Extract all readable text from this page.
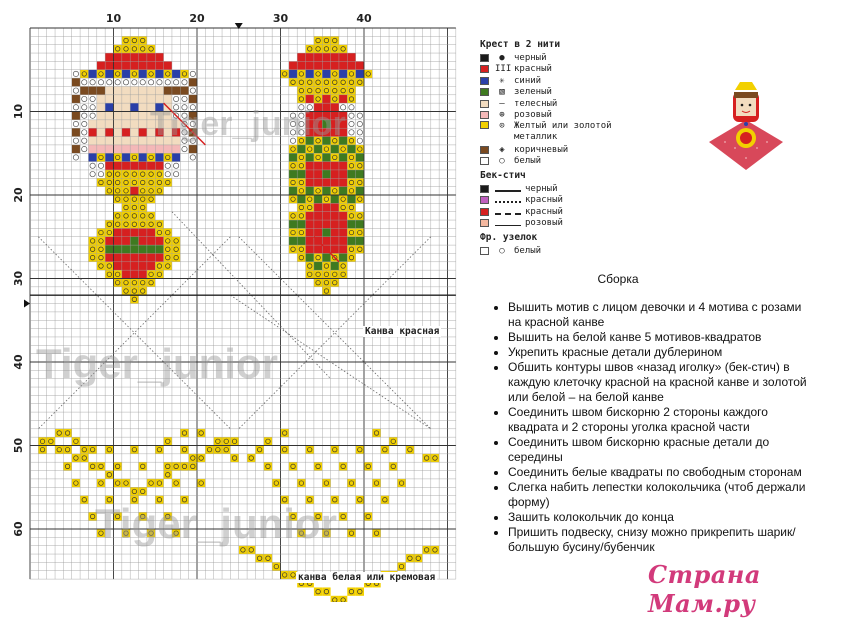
10	20	30	40
10
20
30
40
50
60
Tiger_junior
Tiger_junior
Tiger_junior
Канва красная
канва белая или кремовая
Крест в 2 нити
●	черный
III красный
✳	синий
▧	зеленый
–	телесный
⊕	розовый
⊙	Желтый или золотой металлик
◈	коричневый
○	белый
Бек-стич
черный
красный
красный
розовый
Фр. узелок
○	белый
Сборка
• Вышить мотив с лицом девочки и 4 мотива с розами на красной канве
• Вышить на белой канве 5 мотивов-квадратов
• Укрепить красные детали дублерином
• Обшить контуры швов «назад иголку» (бек-стич) в каждую клеточку красной на красной канве и золотой или белой – на белой канве
• Соединить швом бискорню 2 стороны каждого квадрата и 2 стороны уголка красной части
• Соединить швом бискорню красные детали до середины
• Соединить белые квадраты по свободным сторонам
• Слегка набить лепестки колокольчика (чтоб держали форму)
• Зашить колокольчик до конца
• Пришить подвеску, снизу можно прикрепить шарик/большую бусину/бубенчик
Страна Мам.ру
